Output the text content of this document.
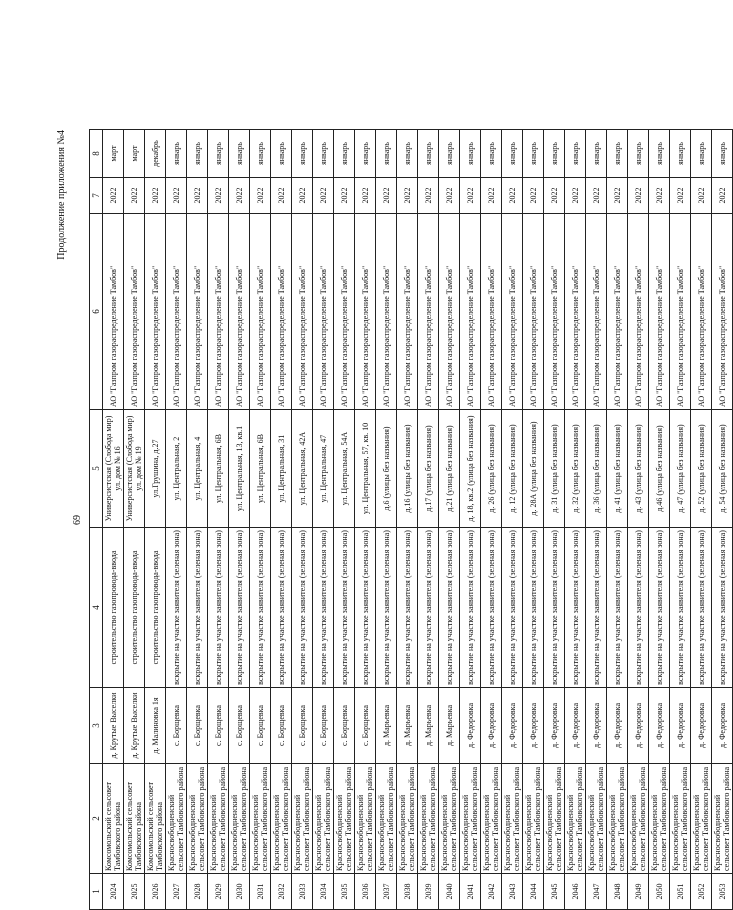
Продолжение приложения №4
69
1	2	3	4	5	6	7	8
2024	Комсомольский сельсовет Тамбовского района	д. Крутые Выселки	строительство газопровода-ввода	Универсистская (Слобода мир) ул. дом № 16	АО "Газпром газораспределение Тамбов"	2022	март
2025	Комсомольский сельсовет Тамбовского района	д. Крутые Выселки	строительство газопровода-ввода	Универсистская (Слобода мир) ул. дом № 19	АО "Газпром газораспределение Тамбов"	2022	март
2026	Комсомольский сельсовет Тамбовского района	д. Малиновка 1я	строительство газопровода-ввода	ул.Грушина, д.27	АО "Газпром газораспределение Тамбов"	2022	декабрь
2027	Красносвободненский сельсовет Тамбовского района	с. Борщевка	вскрытие на участке заявителя (зеленая зона)	ул. Центральная, 2	АО "Газпром газораспределение Тамбов"	2022	январь
2028	Красносвободненский сельсовет Тамбовского района	с. Борщевка	вскрытие на участке заявителя (зеленая зона)	ул. Центральная, 4	АО "Газпром газораспределение Тамбов"	2022	январь
2029	Красносвободненский сельсовет Тамбовского района	с. Борщевка	вскрытие на участке заявителя (зеленая зона)	ул. Центральная, 6В	АО "Газпром газораспределение Тамбов"	2022	январь
2030	Красносвободненский сельсовет Тамбовского района	с. Борщевка	вскрытие на участке заявителя (зеленая зона)	ул. Центральная, 13, кв.1	АО "Газпром газораспределение Тамбов"	2022	январь
2031	Красносвободненский сельсовет Тамбовского района	с. Борщевка	вскрытие на участке заявителя (зеленая зона)	ул. Центральная, 6В	АО "Газпром газораспределение Тамбов"	2022	январь
2032	Красносвободненский сельсовет Тамбовского района	с. Борщевка	вскрытие на участке заявителя (зеленая зона)	ул. Центральная, 31	АО "Газпром газораспределение Тамбов"	2022	январь
2033	Красносвободненский сельсовет Тамбовского района	с. Борщевка	вскрытие на участке заявителя (зеленая зона)	ул. Центральная, 42А	АО "Газпром газораспределение Тамбов"	2022	январь
2034	Красносвободненский сельсовет Тамбовского района	с. Борщевка	вскрытие на участке заявителя (зеленая зона)	ул. Центральная, 47	АО "Газпром газораспределение Тамбов"	2022	январь
2035	Красносвободненский сельсовет Тамбовского района	с. Борщевка	вскрытие на участке заявителя (зеленая зона)	ул. Центральная, 54А	АО "Газпром газораспределение Тамбов"	2022	январь
2036	Красносвободненский сельсовет Тамбовского района	с. Борщевка	вскрытие на участке заявителя (зеленая зона)	ул. Центральная, 57, кв. 10	АО "Газпром газораспределение Тамбов"	2022	январь
2037	Красносвободненский сельсовет Тамбовского района	д. Марьевка	вскрытие на участке заявителя (зеленая зона)	д.6 (улицы без названия)	АО "Газпром газораспределение Тамбов"	2022	январь
2038	Красносвободненский сельсовет Тамбовского района	д. Марьевка	вскрытие на участке заявителя (зеленая зона)	д.16 (улицы без названия)	АО "Газпром газораспределение Тамбов"	2022	январь
2039	Красносвободненский сельсовет Тамбовского района	д. Марьевка	вскрытие на участке заявителя (зеленая зона)	д.17 (улица без названия)	АО "Газпром газораспределение Тамбов"	2022	январь
2040	Красносвободненский сельсовет Тамбовского района	д. Марьевка	вскрытие на участке заявителя (зеленая зона)	д.21 (улица без названия)	АО "Газпром газораспределение Тамбов"	2022	январь
2041	Красносвободненский сельсовет Тамбовского района	д. Федоровка	вскрытие на участке заявителя (зеленая зона)	д. 18, кв.2 (улица без названия)	АО "Газпром газораспределение Тамбов"	2022	январь
2042	Красносвободненский сельсовет Тамбовского района	д. Федоровка	вскрытие на участке заявителя (зеленая зона)	д. 26 (улица без названия)	АО "Газпром газораспределение Тамбов"	2022	январь
2043	Красносвободненский сельсовет Тамбовского района	д. Федоровка	вскрытие на участке заявителя (зеленая зона)	д. 12 (улица без названия)	АО "Газпром газораспределение Тамбов"	2022	январь
2044	Красносвободненский сельсовет Тамбовского района	д. Федоровка	вскрытие на участке заявителя (зеленая зона)	д. 28А (улица без названия)	АО "Газпром газораспределение Тамбов"	2022	январь
2045	Красносвободненский сельсовет Тамбовского района	д. Федоровка	вскрытие на участке заявителя (зеленая зона)	д. 31 (улица без названия)	АО "Газпром газораспределение Тамбов"	2022	январь
2046	Красносвободненский сельсовет Тамбовского района	д. Федоровка	вскрытие на участке заявителя (зеленая зона)	д. 32 (улица без названия)	АО "Газпром газораспределение Тамбов"	2022	январь
2047	Красносвободненский сельсовет Тамбовского района	д. Федоровка	вскрытие на участке заявителя (зеленая зона)	д. 36 (улица без названия)	АО "Газпром газораспределение Тамбов"	2022	январь
2048	Красносвободненский сельсовет Тамбовского района	д. Федоровка	вскрытие на участке заявителя (зеленая зона)	д. 41 (улица без названия)	АО "Газпром газораспределение Тамбов"	2022	январь
2049	Красносвободненский сельсовет Тамбовского района	д. Федоровка	вскрытие на участке заявителя (зеленая зона)	д. 43 (улица без названия)	АО "Газпром газораспределение Тамбов"	2022	январь
2050	Красносвободненский сельсовет Тамбовского района	д. Федоровка	вскрытие на участке заявителя (зеленая зона)	д.46 (улица без названия)	АО "Газпром газораспределение Тамбов"	2022	январь
2051	Красносвободненский сельсовет Тамбовского района	д. Федоровка	вскрытие на участке заявителя (зеленая зона)	д. 47 (улица без названия)	АО "Газпром газораспределение Тамбов"	2022	январь
2052	Красносвободненский сельсовет Тамбовского района	д. Федоровка	вскрытие на участке заявителя (зеленая зона)	д. 52 (улица без названия)	АО "Газпром газораспределение Тамбов"	2022	январь
2053	Красносвободненский сельсовет Тамбовского района	д. Федоровка	вскрытие на участке заявителя (зеленая зона)	д. 54 (улица без названия)	АО "Газпром газораспределение Тамбов"	2022	январь
